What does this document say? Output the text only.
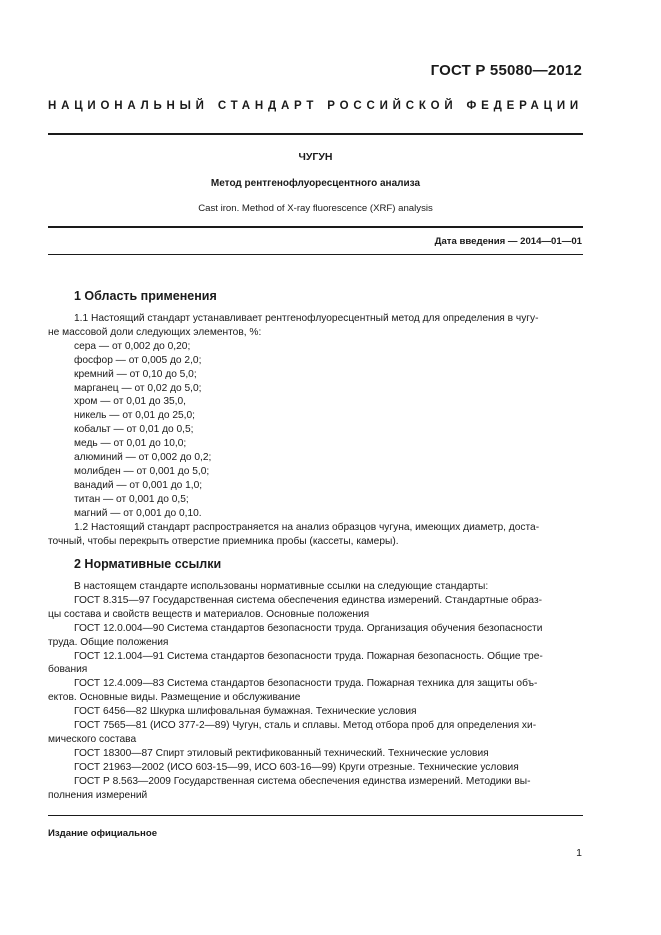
ГОСТ Р 55080—2012
НАЦИОНАЛЬНЫЙ СТАНДАРТ РОССИЙСКОЙ ФЕДЕРАЦИИ
ЧУГУН
Метод рентгенофлуоресцентного анализа
Cast iron. Method of X-ray fluorescence (XRF) analysis
Дата введения — 2014—01—01
1 Область применения

1.1 Настоящий стандарт устанавливает рентгенофлуоресцентный метод для определения в чугу-

не массовой доли следующих элементов, %:

сера — от 0,002 до 0,20;

фосфор — от 0,005 до 2,0;

кремний — от 0,10 до 5,0;

марганец — от 0,02 до 5,0;

хром — от 0,01 до 35,0,

никель — от 0,01 до 25,0;

кобальт — от 0,01 до 0,5;

медь — от 0,01 до 10,0;

алюминий — от 0,002 до 0,2;

молибден — от 0,001 до 5,0;

ванадий — от 0,001 до 1,0;

титан — от 0,001 до 0,5;

магний — от 0,001 до 0,10.

1.2 Настоящий стандарт распространяется на анализ образцов чугуна, имеющих диаметр, доста-

точный, чтобы перекрыть отверстие приемника пробы (кассеты, камеры).

2 Нормативные ссылки

В настоящем стандарте использованы нормативные ссылки на следующие стандарты:

ГОСТ 8.315—97 Государственная система обеспечения единства измерений. Стандартные образ-

цы состава и свойств веществ и материалов. Основные положения

ГОСТ 12.0.004—90 Система стандартов безопасности труда. Организация обучения безопасности

труда. Общие положения

ГОСТ 12.1.004—91 Система стандартов безопасности труда. Пожарная безопасность. Общие тре-

бования

ГОСТ 12.4.009—83 Система стандартов безопасности труда. Пожарная техника для защиты объ-

ектов. Основные виды. Размещение и обслуживание

ГОСТ 6456—82 Шкурка шлифовальная бумажная. Технические условия

ГОСТ 7565—81 (ИСО 377-2—89) Чугун, сталь и сплавы. Метод отбора проб для определения хи-

мического состава

ГОСТ 18300—87 Спирт этиловый ректификованный технический. Технические условия

ГОСТ 21963—2002 (ИСО 603-15—99, ИСО 603-16—99) Круги отрезные. Технические условия

ГОСТ Р 8.563—2009 Государственная система обеспечения единства измерений. Методики вы-

полнения измерений

Издание официальное
1
